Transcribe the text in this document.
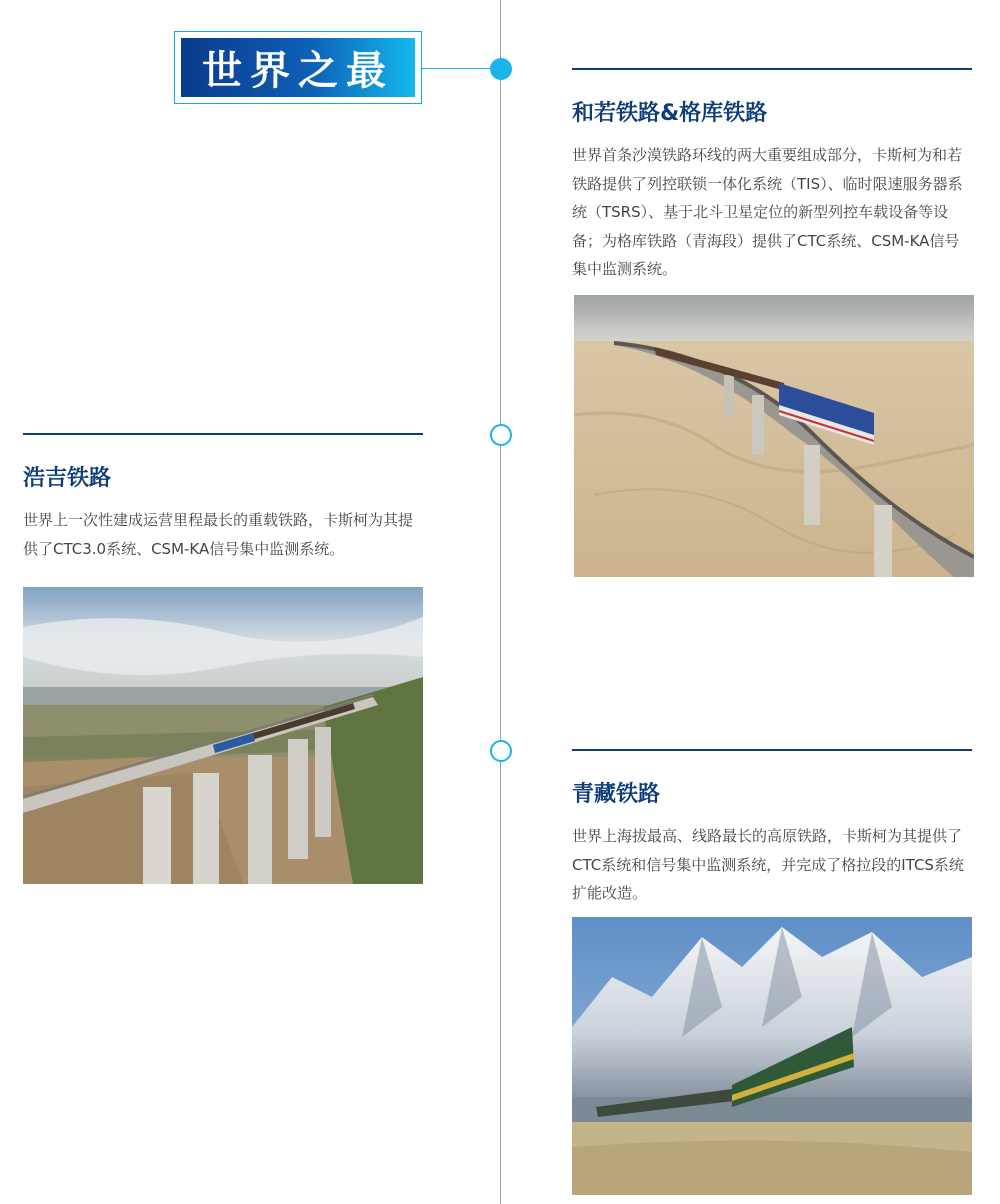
世界之最
和若铁路&格库铁路

世界首条沙漠铁路环线的两大重要组成部分，卡斯柯为和若铁路提供了列控联锁一体化系统（TIS）、临时限速服务器系统（TSRS）、基于北斗卫星定位的新型列控车载设备等设备；为格库铁路（青海段）提供了CTC系统、CSM-KA信号集中监测系统。

浩吉铁路

世界上一次性建成运营里程最长的重载铁路，卡斯柯为其提供了CTC3.0系统、CSM-KA信号集中监测系统。

青藏铁路

世界上海拔最高、线路最长的高原铁路，卡斯柯为其提供了CTC系统和信号集中监测系统，并完成了格拉段的ITCS系统扩能改造。
